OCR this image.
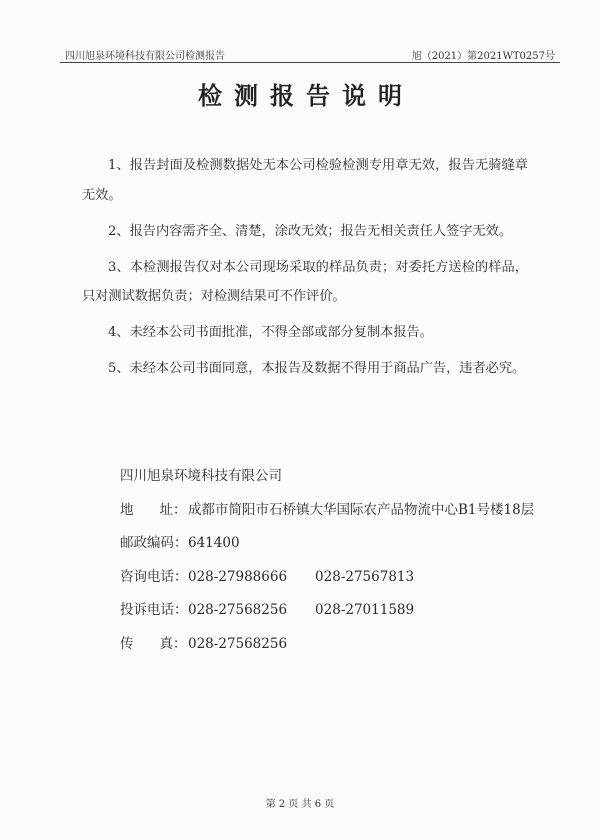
四川旭泉环境科技有限公司检测报告	旭（2021）第2021WT0257号
检测报告说明

1、报告封面及检测数据处无本公司检验检测专用章无效，报告无骑缝章无效。

2、报告内容需齐全、清楚，涂改无效；报告无相关责任人签字无效。

3、本检测报告仅对本公司现场采取的样品负责；对委托方送检的样品，只对测试数据负责；对检测结果可不作评价。

4、未经本公司书面批准，不得全部或部分复制本报告。

5、未经本公司书面同意，本报告及数据不得用于商品广告，违者必究。

四川旭泉环境科技有限公司
地 址： 成都市简阳市石桥镇大华国际农产品物流中心B1号楼18层
邮政编码：641400
咨询电话：028-27988666 028-27567813
投诉电话：028-27568256 028-27011589
传 真： 028-27568256
第 2 页 共 6 页
